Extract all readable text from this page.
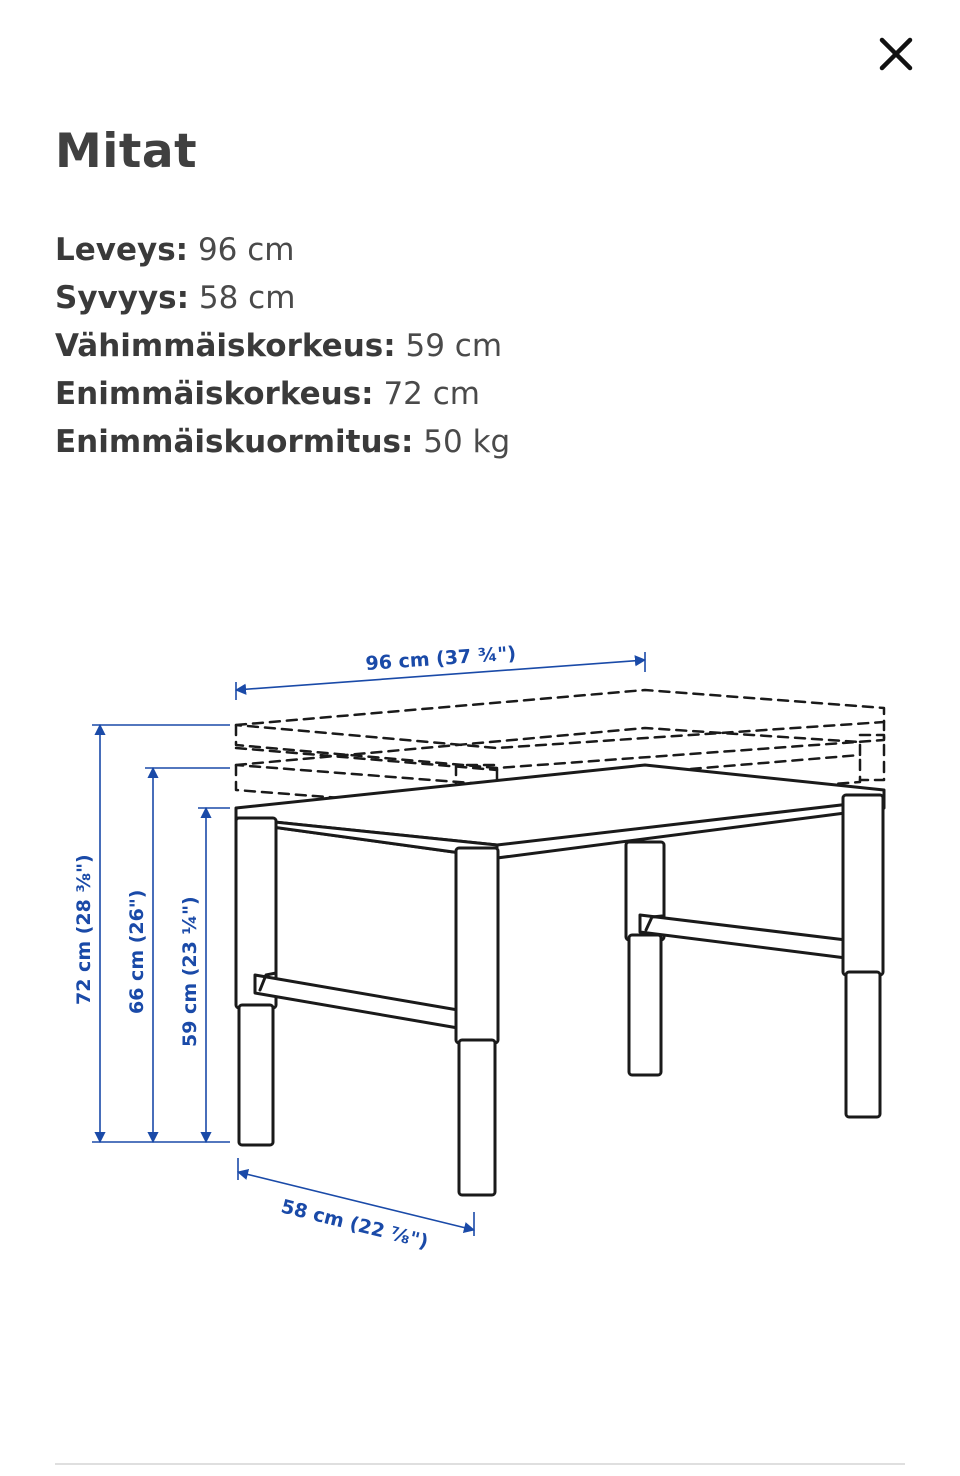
Mitat
Leveys: 96 cm
Syvyys: 58 cm
Vähimmäiskorkeus: 59 cm
Enimmäiskorkeus: 72 cm
Enimmäiskuormitus: 50 kg
96 cm (37 ¾")
58 cm (22 ⅞")
72 cm (28 ⅜") 66 cm (26") 59 cm (23 ¼")
